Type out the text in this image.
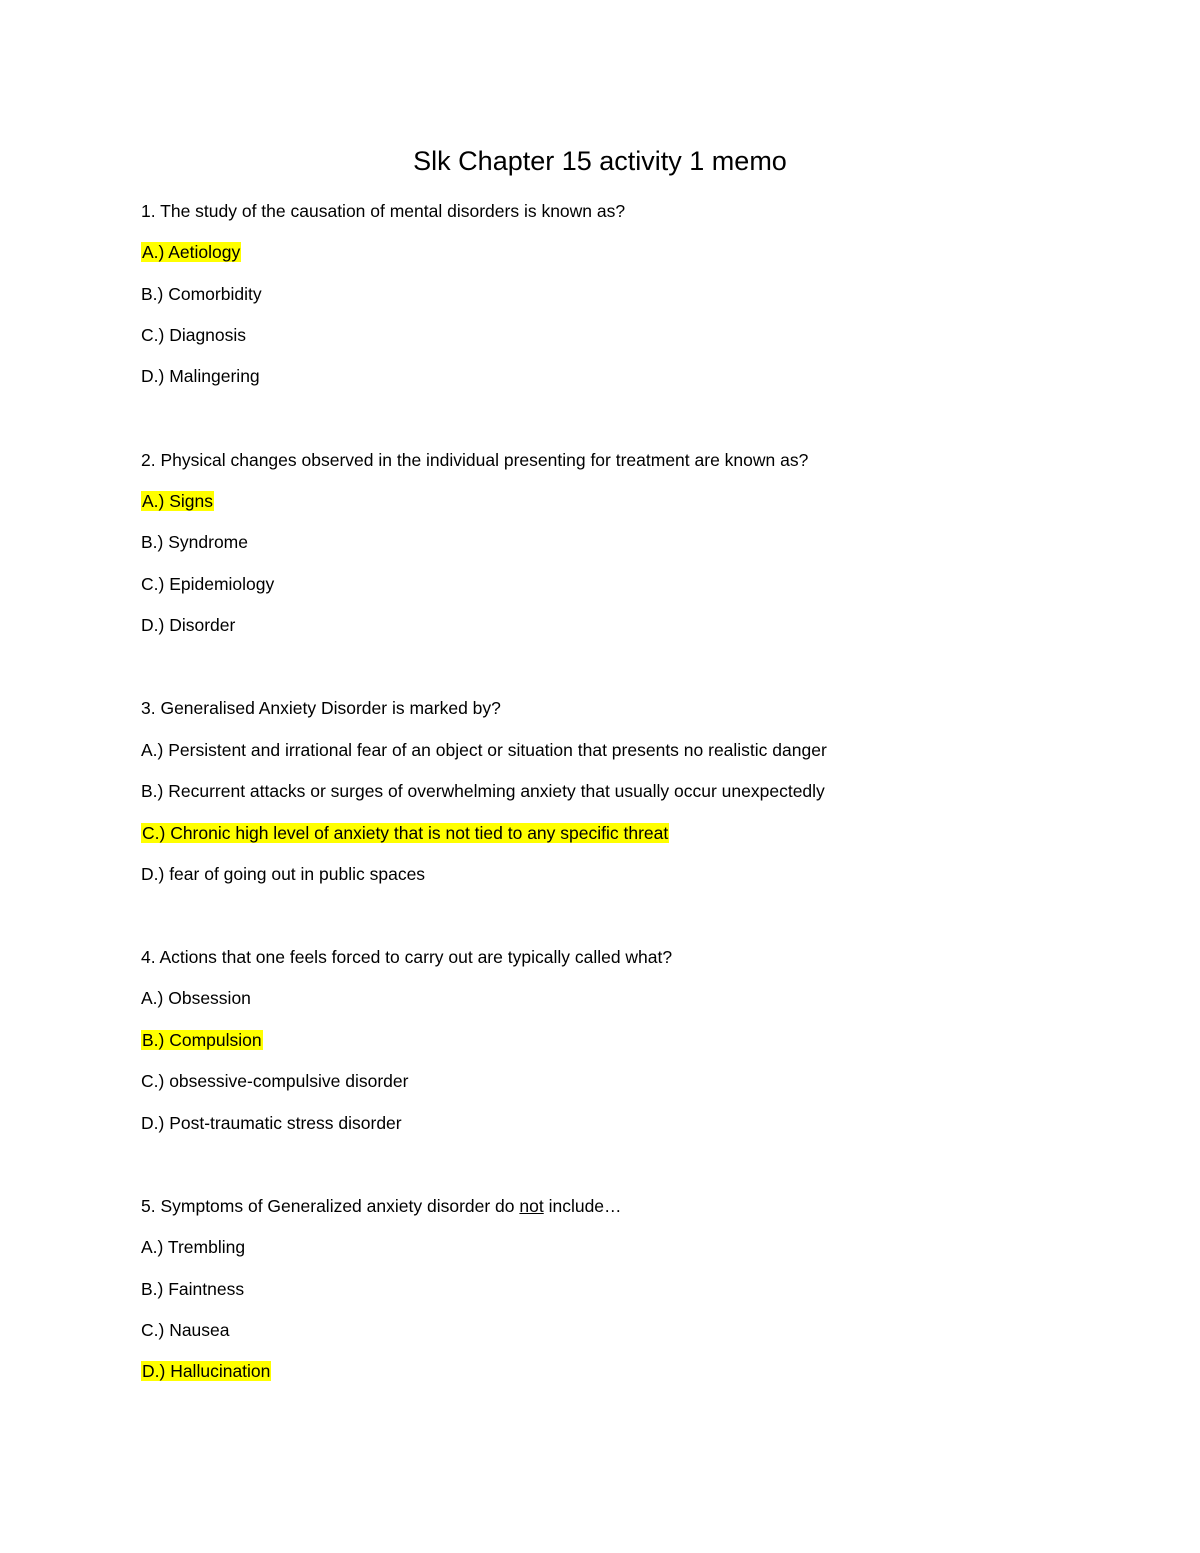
Slk Chapter 15 activity 1 memo

1. The study of the causation of mental disorders is known as?

A.) Aetiology

B.) Comorbidity

C.) Diagnosis

D.) Malingering

2. Physical changes observed in the individual presenting for treatment are known as?

A.) Signs

B.) Syndrome

C.) Epidemiology

D.) Disorder

3. Generalised Anxiety Disorder is marked by?

A.) Persistent and irrational fear of an object or situation that presents no realistic danger

B.) Recurrent attacks or surges of overwhelming anxiety that usually occur unexpectedly

C.) Chronic high level of anxiety that is not tied to any specific threat

D.) fear of going out in public spaces

4. Actions that one feels forced to carry out are typically called what?

A.) Obsession

B.) Compulsion

C.) obsessive-compulsive disorder

D.) Post-traumatic stress disorder

5. Symptoms of Generalized anxiety disorder do not include…

A.) Trembling

B.) Faintness

C.) Nausea

D.) Hallucination
